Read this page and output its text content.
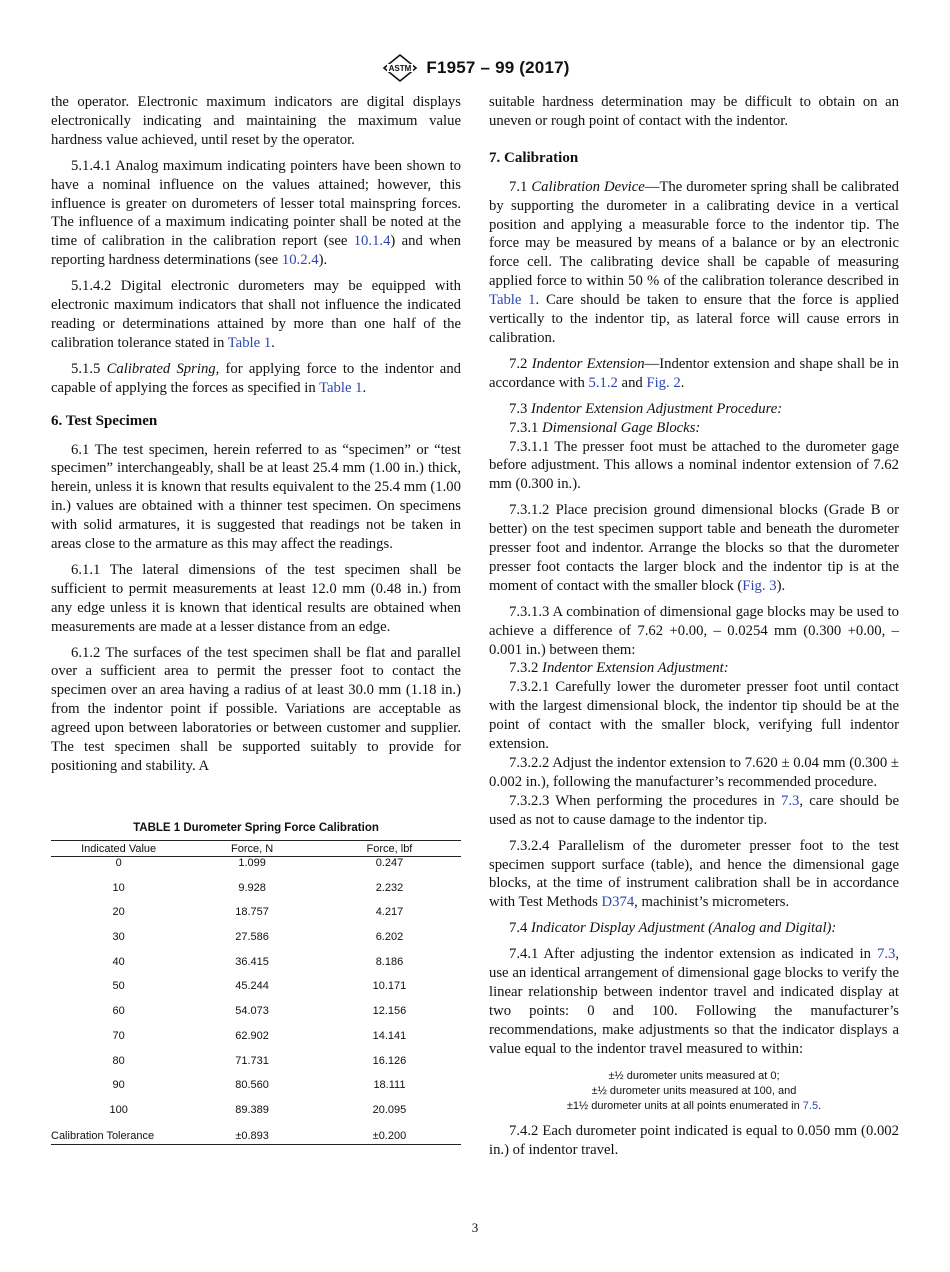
ASTM F1957 – 99 (2017)

the operator. Electronic maximum indicators are digital displays electronically indicating and maintaining the maximum value hardness value achieved, until reset by the operator.

5.1.4.1 Analog maximum indicating pointers have been shown to have a nominal influence on the values attained; however, this influence is greater on durometers of lesser total mainspring forces. The influence of a maximum indicating pointer shall be noted at the time of calibration in the calibration report (see 10.1.4) and when reporting hardness determinations (see 10.2.4).

5.1.4.2 Digital electronic durometers may be equipped with electronic maximum indicators that shall not influence the indicated reading or determinations attained by more than one half of the calibration tolerance stated in Table 1.

5.1.5 Calibrated Spring, for applying force to the indentor and capable of applying the forces as specified in Table 1.

6. Test Specimen

6.1 The test specimen, herein referred to as “specimen” or “test specimen” interchangeably, shall be at least 25.4 mm (1.00 in.) thick, herein, unless it is known that results equivalent to the 25.4 mm (1.00 in.) values are obtained with a thinner test specimen. On specimens with solid armatures, it is suggested that readings not be taken in areas close to the armature as this may affect the readings.

6.1.1 The lateral dimensions of the test specimen shall be sufficient to permit measurements at least 12.0 mm (0.48 in.) from any edge unless it is known that identical results are obtained when measurements are made at a lesser distance from an edge.

6.1.2 The surfaces of the test specimen shall be flat and parallel over a sufficient area to permit the presser foot to contact the specimen over an area having a radius of at least 30.0 mm (1.18 in.) from the indentor point if possible. Variations are acceptable as agreed upon between laboratories or between customer and supplier. The test specimen shall be supported suitably to provide for positioning and stability. A

TABLE 1 Durometer Spring Force Calibration
Indicated Value	Force, N	Force, lbf
0	1.099	0.247
10	9.928	2.232
20	18.757	4.217
30	27.586	6.202
40	36.415	8.186
50	45.244	10.171
60	54.073	12.156
70	62.902	14.141
80	71.731	16.126
90	80.560	18.111
100	89.389	20.095
Calibration Tolerance	±0.893	±0.200

suitable hardness determination may be difficult to obtain on an uneven or rough point of contact with the indentor.

7. Calibration

7.1 Calibration Device—The durometer spring shall be calibrated by supporting the durometer in a calibrating device in a vertical position and applying a measurable force to the indentor tip. The force may be measured by means of a balance or by an electronic force cell. The calibrating device shall be capable of measuring applied force to within 50 % of the calibration tolerance described in Table 1. Care should be taken to ensure that the force is applied vertically to the indentor tip, as lateral force will cause errors in calibration.

7.2 Indentor Extension—Indentor extension and shape shall be in accordance with 5.1.2 and Fig. 2.

7.3 Indentor Extension Adjustment Procedure:

7.3.1 Dimensional Gage Blocks:

7.3.1.1 The presser foot must be attached to the durometer gage before adjustment. This allows a nominal indentor extension of 7.62 mm (0.300 in.).

7.3.1.2 Place precision ground dimensional blocks (Grade B or better) on the test specimen support table and beneath the durometer presser foot and indentor. Arrange the blocks so that the durometer presser foot contacts the larger block and the indentor tip is at the moment of contact with the smaller block (Fig. 3).

7.3.1.3 A combination of dimensional gage blocks may be used to achieve a difference of 7.62 +0.00, – 0.0254 mm (0.300 +0.00, –0.001 in.) between them:

7.3.2 Indentor Extension Adjustment:

7.3.2.1 Carefully lower the durometer presser foot until contact with the largest dimensional block, the indentor tip should be at the point of contact with the smaller block, verifying full indentor extension.

7.3.2.2 Adjust the indentor extension to 7.620 ± 0.04 mm (0.300 ± 0.002 in.), following the manufacturer’s recommended procedure.

7.3.2.3 When performing the procedures in 7.3, care should be used as not to cause damage to the indentor tip.

7.3.2.4 Parallelism of the durometer presser foot to the test specimen support surface (table), and hence the dimensional gage blocks, at the time of instrument calibration shall be in accordance with Test Methods D374, machinist’s micrometers.

7.4 Indicator Display Adjustment (Analog and Digital):

7.4.1 After adjusting the indentor extension as indicated in 7.3, use an identical arrangement of dimensional gage blocks to verify the linear relationship between indentor travel and indicated display at two points: 0 and 100. Following the manufacturer’s recommendations, make adjustments so that the indicator displays a value equal to the indentor travel measured to within:

±½ durometer units measured at 0;
±½ durometer units measured at 100, and
±1½ durometer units at all points enumerated in 7.5.

7.4.2 Each durometer point indicated is equal to 0.050 mm (0.002 in.) of indentor travel.

3
